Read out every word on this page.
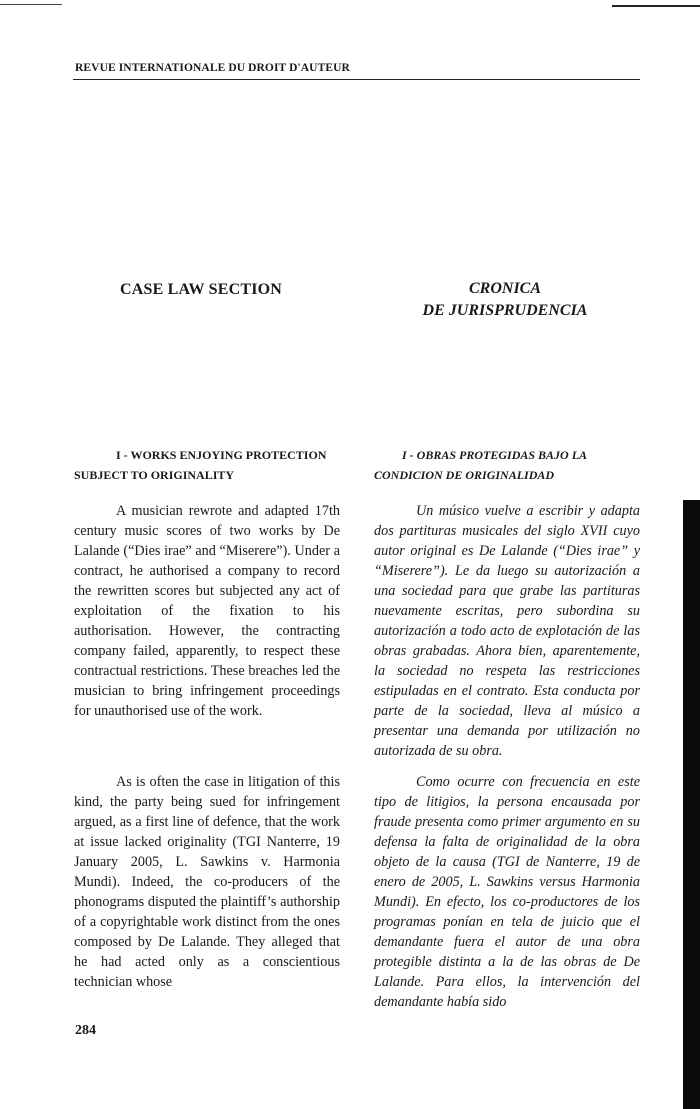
REVUE INTERNATIONALE DU DROIT D'AUTEUR
CASE LAW SECTION	CRONICA
DE JURISPRUDENCIA
I - WORKS ENJOYING PROTECTION SUBJECT TO ORIGINALITY
I - OBRAS PROTEGIDAS BAJO LA CONDICION DE ORIGINALIDAD

A musician rewrote and adapted 17th century music scores of two works by De Lalande (“Dies irae” and “Miserere”). Under a contract, he authorised a company to record the rewritten scores but subjected any act of exploitation of the fixation to his authorisation. However, the contracting company failed, apparently, to respect these contractual restrictions. These breaches led the musician to bring infringement proceedings for unauthorised use of the work.

Un músico vuelve a escribir y adapta dos partituras musicales del siglo XVII cuyo autor original es De Lalande (“Dies irae” y “Miserere”). Le da luego su autorización a una sociedad para que grabe las partituras nuevamente escritas, pero subordina su autorización a todo acto de explotación de las obras grabadas. Ahora bien, aparentemente, la sociedad no respeta las restricciones estipuladas en el contrato. Esta conducta por parte de la sociedad, lleva al músico a presentar una demanda por utilización no autorizada de su obra.

As is often the case in litigation of this kind, the party being sued for infringement argued, as a first line of defence, that the work at issue lacked originality (TGI Nanterre, 19 January 2005, L. Sawkins v. Harmonia Mundi). Indeed, the co-producers of the phonograms disputed the plaintiff’s authorship of a copyrightable work distinct from the ones composed by De Lalande. They alleged that he had acted only as a conscientious technician whose

Como ocurre con frecuencia en este tipo de litigios, la persona encausada por fraude presenta como primer argumento en su defensa la falta de originalidad de la obra objeto de la causa (TGI de Nanterre, 19 de enero de 2005, L. Sawkins versus Harmonia Mundi). En efecto, los co-productores de los programas ponían en tela de juicio que el demandante fuera el autor de una obra protegible distinta a la de las obras de De Lalande. Para ellos, la intervención del demandante había sido

284
